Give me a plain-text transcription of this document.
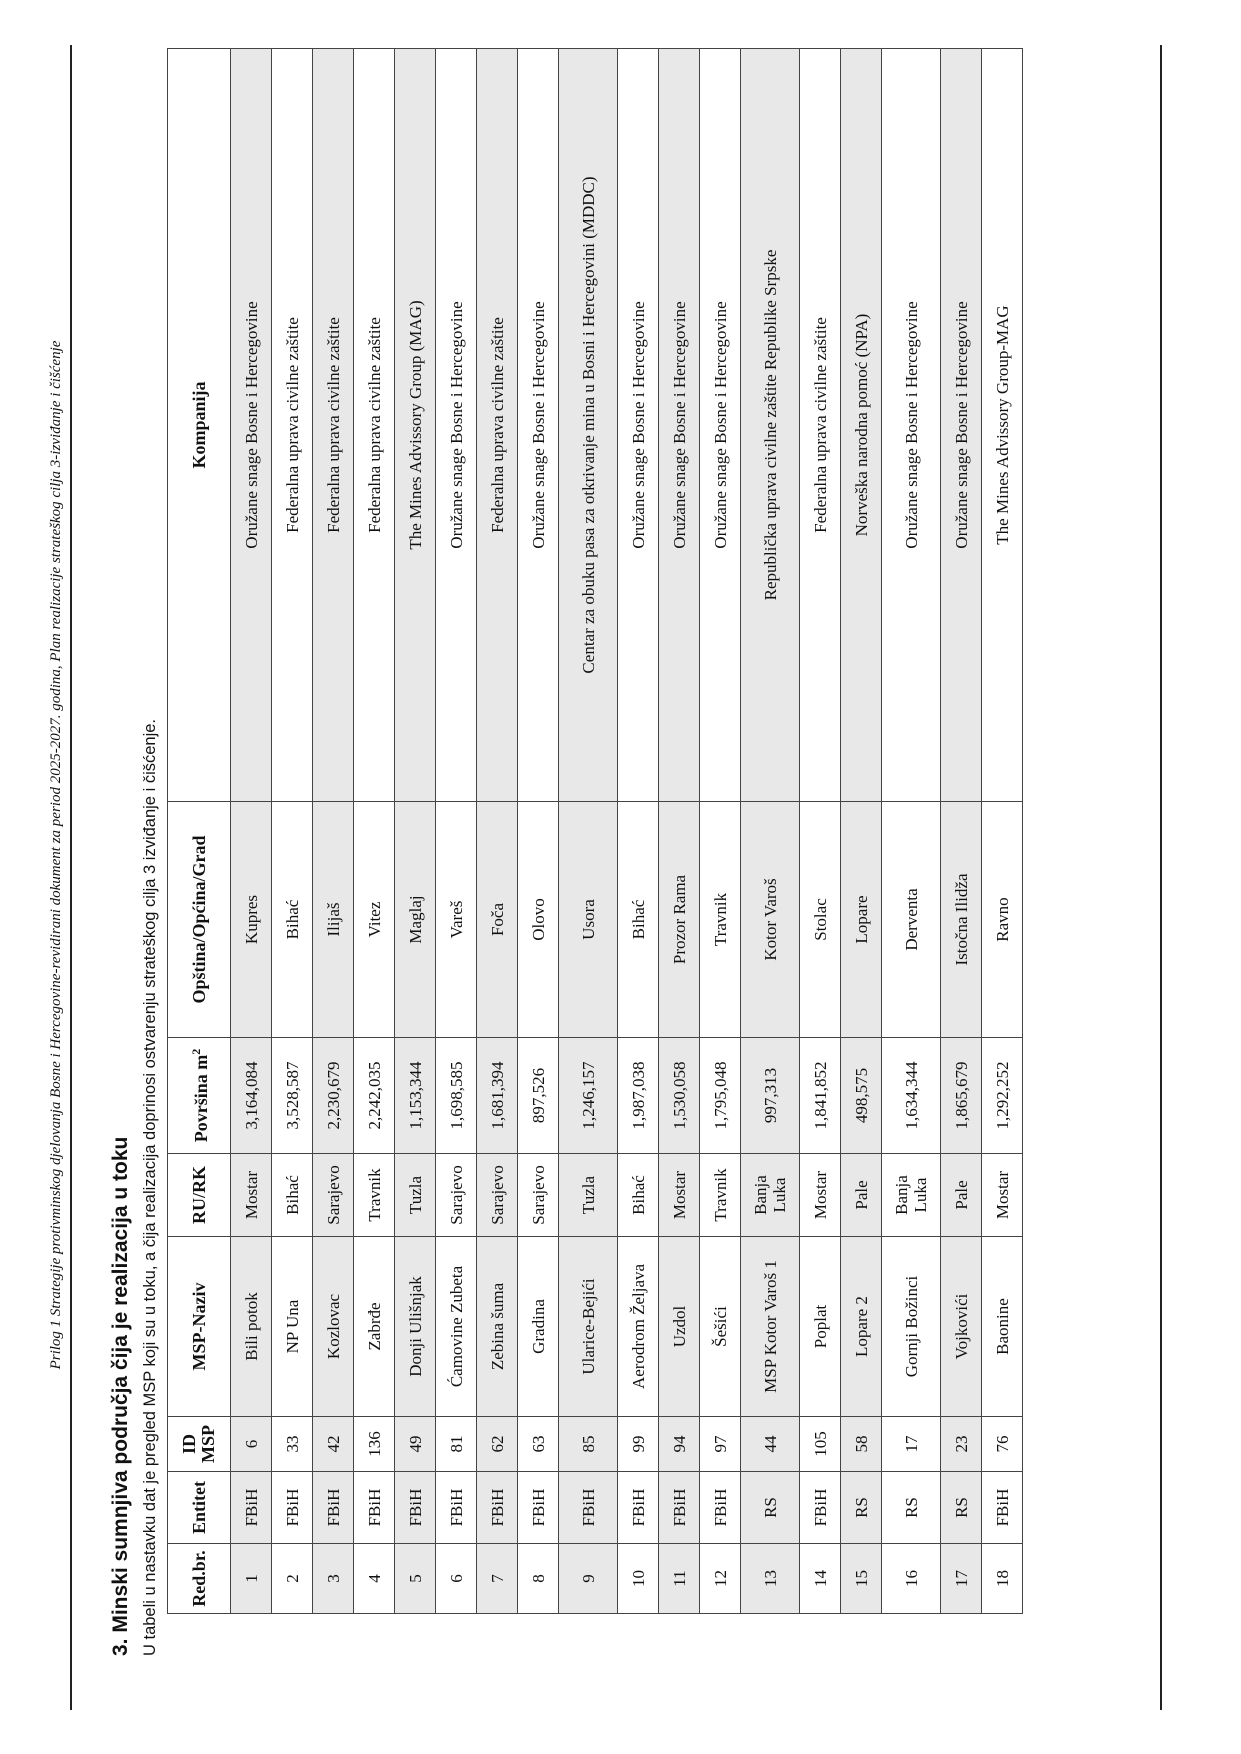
Prilog 1 Strategije protivminskog djelovanja Bosne i Hercegovine-revidirani dokument za period 2025-2027. godina, Plan realizacije strateškog cilja 3-izviđanje i čišćenje
3. Minski sumnjiva područja čija je realizacija u toku U tabeli u nastavku dat je pregled MSP koji su u toku, a čija realizacija doprinosi ostvarenju strateškog cilja 3 izviđanje i čišćenje. Red.br.	Entitet	ID MSP	MSP-Naziv	RU/RK	Površina $m^2$	Opština/Općina/Grad	Kompanija
1	FBiH	6	Bili potok	Mostar	3,164,084	Kupres	Oružane snage Bosne i Hercegovine
2	FBiH	33	NP Una	Bihać	3,528,587	Bihać	Federalna uprava civilne zaštite
3	FBiH	42	Kozlovac	Sarajevo	2,230,679	Ilijaš	Federalna uprava civilne zaštite
4	FBiH	136	Zabrđe	Travnik	2,242,035	Vitez	Federalna uprava civilne zaštite
5	FBiH	49	Donji Ulišnjak	Tuzla	1,153,344	Maglaj	The Mines Advissory Group (MAG)
6	FBiH	81	Ćamovine Zubeta	Sarajevo	1,698,585	Vareš	Oružane snage Bosne i Hercegovine
7	FBiH	62	Zebina šuma	Sarajevo	1,681,394	Foča	Federalna uprava civilne zaštite
8	FBiH	63	Gradina	Sarajevo	897,526	Olovo	Oružane snage Bosne i Hercegovine
9	FBiH	85	Ularice-Bejići	Tuzla	1,246,157	Usora	Centar za obuku pasa za otkrivanje mina u Bosni i Hercegovini (MDDC)
10	FBiH	99	Aerodrom Željava	Bihać	1,987,038	Bihać	Oružane snage Bosne i Hercegovine
11	FBiH	94	Uzdol	Mostar	1,530,058	Prozor Rama	Oružane snage Bosne i Hercegovine
12	FBiH	97	Šešići	Travnik	1,795,048	Travnik	Oružane snage Bosne i Hercegovine
13	RS	44	MSP Kotor Varoš 1	Banja Luka	997,313	Kotor Varoš	Republička uprava civilne zaštite Republike Srpske
14	FBiH	105	Poplat	Mostar	1,841,852	Stolac	Federalna uprava civilne zaštite
15	RS	58	Lopare 2	Pale	498,575	Lopare	Norveška narodna pomoć (NPA)
16	RS	17	Gornji Božinci	Banja Luka	1,634,344	Derventa	Oružane snage Bosne i Hercegovine
17	RS	23	Vojkovići	Pale	1,865,679	Istočna Ilidža	Oružane snage Bosne i Hercegovine
18	FBiH	76	Baonine	Mostar	1,292,252	Ravno	The Mines Advissory Group-MAG
